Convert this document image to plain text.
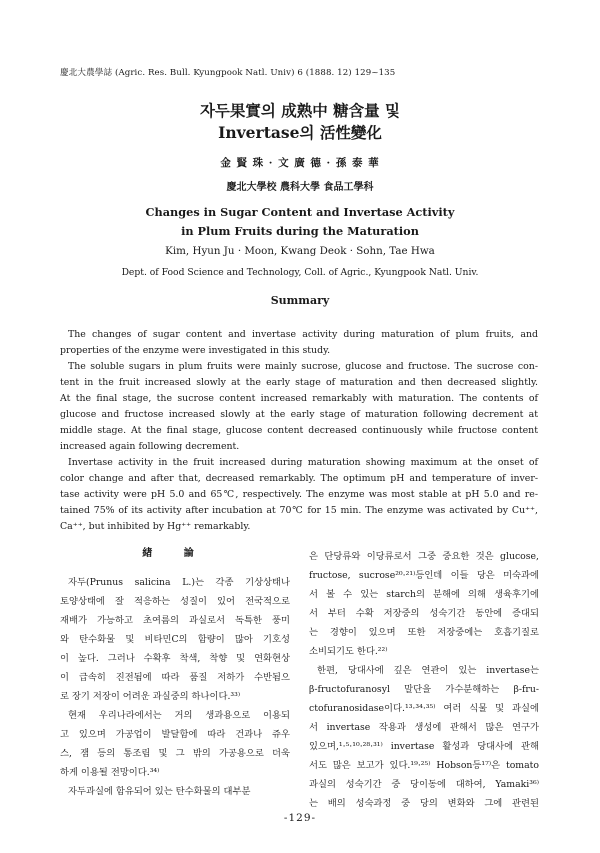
慶北大農學誌 (Agric. Res. Bull. Kyungpook Natl. Univ) 6 (1888. 12) 129~135
자두果實의 成熟中 糖含量 및
Invertase의 活性變化
金 賢 珠 · 文 廣 德 · 孫 泰 華
慶北大學校 農科大學 食品工學科
Changes in Sugar Content and Invertase Activity
in Plum Fruits during the Maturation
Kim, Hyun Ju · Moon, Kwang Deok · Sohn, Tae Hwa
Dept. of Food Science and Technology, Coll. of Agric., Kyungpook Natl. Univ.
Summary
The changes of sugar content and invertase activity during maturation of plum fruits, and
properties of the enzyme were investigated in this study.
The soluble sugars in plum fruits were mainly sucrose, glucose and fructose. The sucrose con-
tent in the fruit increased slowly at the early stage of maturation and then decreased slightly.
At the final stage, the sucrose content increased remarkably with maturation. The contents of
glucose and fructose increased slowly at the early stage of maturation following decrement at
middle stage. At the final stage, glucose content decreased continuously while fructose content
increased again following decrement.
Invertase activity in the fruit increased during maturation showing maximum at the onset of
color change and after that, decreased remarkably. The optimum pH and temperature of inver-
tase activity were pH 5.0 and 65℃, respectively. The enzyme was most stable at pH 5.0 and re-
tained 75% of its activity after incubation at 70℃ for 15 min. The enzyme was activated by Cu⁺⁺,
Ca⁺⁺, but inhibited by Hg⁺⁺ remarkably.
緖 論
자두(Prunus salicina L.)는 각종 기상상태나
토양상태에 잘 적응하는 성질이 있어 전국적으로
재배가 가능하고 초여름의 과실로서 독특한 풍미
와 탄수화물 및 비타민C의 함량이 많아 기호성
이 높다. 그러나 수확후 착색, 착향 및 연화현상
이 급속히 진전됨에 따라 품질 저하가 수반됨으
로 장기 저장이 어려운 과실중의 하나이다.³³⁾
현재 우리나라에서는 거의 생과용으로 이용되
고 있으며 가공업이 발달함에 따라 건과나 쥬우
스, 잼 등의 통조림 및 그 밖의 가공용으로 더욱
하게 이용될 전망이다.³⁴⁾
자두과실에 함유되어 있는 탄수화물의 대부분
은 단당류와 이당류로서 그중 중요한 것은 glucose,
fructose, sucrose²⁰·²¹⁾등인데 이들 당은 미숙과에
서 볼 수 있는 starch의 분해에 의해 생육후기에
서 부터 수확 저장중의 성숙기간 동안에 증대되
는 경향이 있으며 또한 저장중에는 호흡기질로
소비되기도 한다.²²⁾
한편, 당대사에 깊은 연관이 있는 invertase는
β-fructofuranosyl 말단을 가수분해하는 β-fru-
ctofuranosidase이다.¹³·³⁴·³⁵⁾ 여러 식물 및 과실에
서 invertase 작용과 생성에 관해서 많은 연구가
있으며,¹·⁵·¹⁰·²⁸·³¹⁾ invertase 활성과 당대사에 관해
서도 많은 보고가 있다.¹⁹·²⁵⁾ Hobson등¹⁷⁾은 tomato
과실의 성숙기간 중 당이동에 대하여, Yamaki³⁶⁾
는 배의 성숙과정 중 당의 변화와 그에 관련된
-129-
